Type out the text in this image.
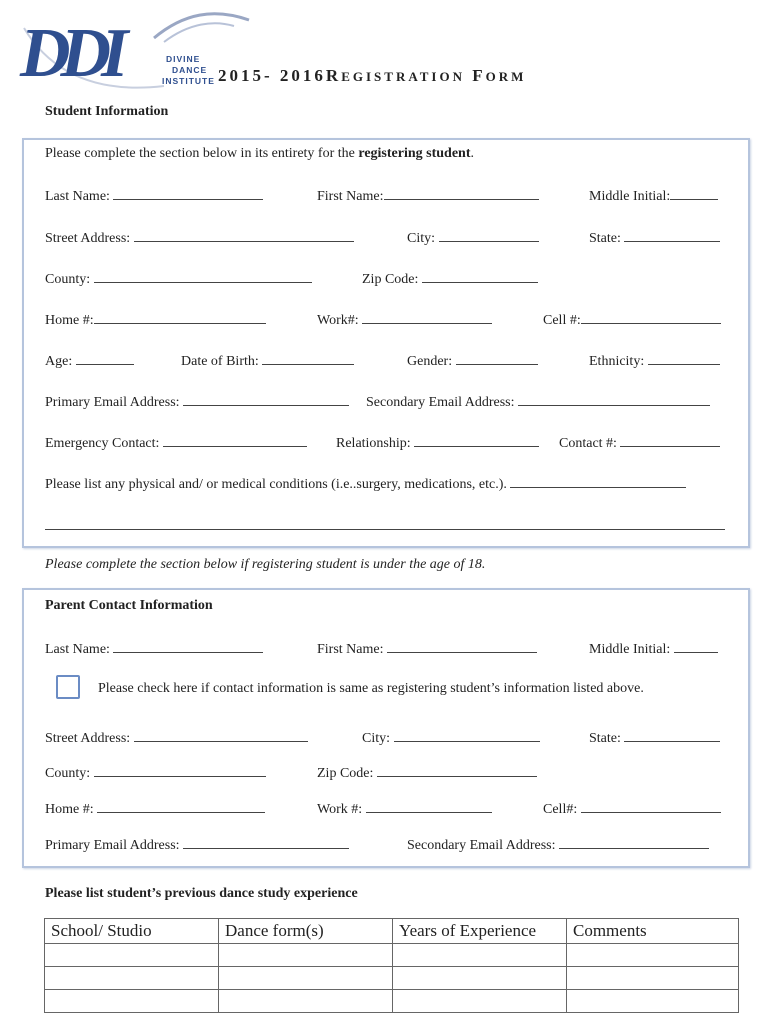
DDI	DIVINE
DANCE
INSTITUTE 2015- 2016REGISTRATION FORM
Student Information
Please complete the section below in its entirety for the registering student.
Last Name:	First Name:	Middle Initial:
Street Address:	City:	State:
County:	Zip Code:
Home #:	Work#:	Cell #:
Age:	Date of Birth:	Gender:	Ethnicity:
Primary Email Address:	Secondary Email Address:
Emergency Contact:	Relationship:	Contact #:
Please list any physical and/ or medical conditions (i.e..surgery, medications, etc.).
Please complete the section below if registering student is under the age of 18.
Parent Contact Information
Last Name:	First Name:	Middle Initial:
Please check here if contact information is same as registering student’s information listed above.
Street Address:	City:	State:
County:	Zip Code:
Home #:	Work #:	Cell#:
Primary Email Address:	Secondary Email Address:
Please list student’s previous dance study experience
School/ Studio	Dance form(s)	Years of Experience	Comments
